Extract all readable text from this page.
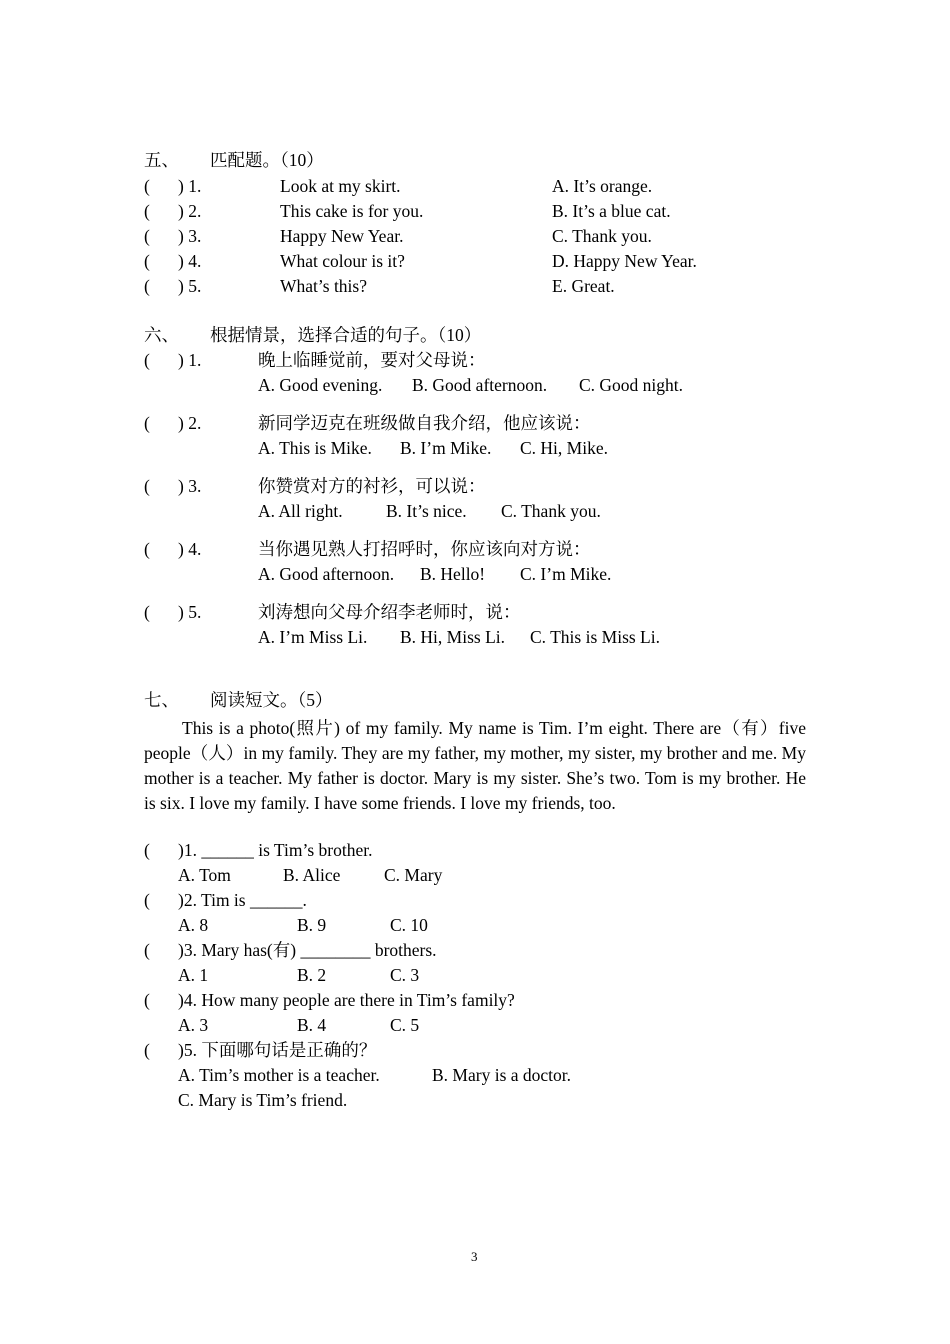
五、 匹配题。（10）
( ) 1.	Look at my skirt.	A. It’s orange.
( ) 2.	This cake is for you.	B. It’s a blue cat.
( ) 3.	Happy New Year.	C. Thank you.
( ) 4.	What colour is it?	D. Happy New Year.
( ) 5.	What’s this?	E. Great.
六、 根据情景，选择合适的句子。（10）
( ) 1.	晚上临睡觉前，要对父母说：
A. Good evening. B. Good afternoon. C. Good night.
( ) 2.	新同学迈克在班级做自我介绍，他应该说：
A. This is Mike. B. I’m Mike. C. Hi, Mike.
( ) 3.	你赞赏对方的衬衫，可以说：
A. All right. B. It’s nice. C. Thank you.
( ) 4.	当你遇见熟人打招呼时，你应该向对方说：
A. Good afternoon. B. Hello! C. I’m Mike.
( ) 5.	刘涛想向父母介绍李老师时，说：
A. I’m Miss Li. B. Hi, Miss Li. C. This is Miss Li.
七、 阅读短文。（5）
This is a photo(照片) of my family. My name is Tim. I’m eight. There are（有）five people（人）in my family. They are my father, my mother, my sister, my brother and me. My mother is a teacher. My father is doctor. Mary is my sister. She’s two. Tom is my brother. He is six. I love my family. I have some friends. I love my friends, too.
( )1. ______ is Tim’s brother.
A. Tom	B. Alice C. Mary
( )2. Tim is ______.
A. 8	B. 9	C. 10
( )3. Mary has(有) ________ brothers.
A. 1	B. 2	C. 3
( )4. How many people are there in Tim’s family?
A. 3	B. 4	C. 5
( )5. 下面哪句话是正确的？
A. Tim’s mother is a teacher.	B. Mary is a doctor.
C. Mary is Tim’s friend.
3
